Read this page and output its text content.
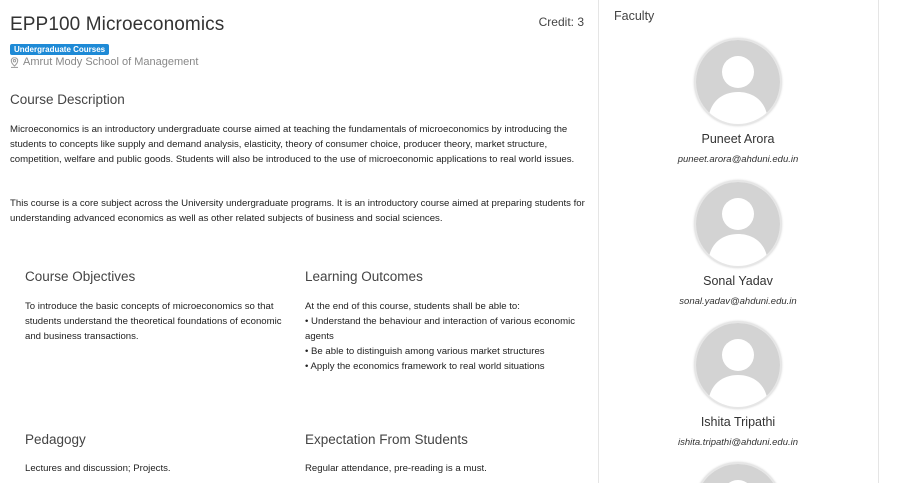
EPP100 Microeconomics	Credit: 3
Undergraduate Courses
Amrut Mody School of Management
Course Description
Microeconomics is an introductory undergraduate course aimed at teaching the fundamentals of microeconomics by introducing the students to concepts like supply and demand analysis, elasticity, theory of consumer choice, producer theory, market structure, competition, welfare and public goods. Students will also be introduced to the use of microeconomic applications to real world issues.
This course is a core subject across the University undergraduate programs. It is an introductory course aimed at preparing students for understanding advanced economics as well as other related subjects of business and social sciences.
Course Objectives
To introduce the basic concepts of microeconomics so that students understand the theoretical foundations of economic and business transactions.
Learning Outcomes
At the end of this course, students shall be able to:
• Understand the behaviour and interaction of various economic agents
• Be able to distinguish among various market structures
• Apply the economics framework to real world situations
Pedagogy
Lectures and discussion; Projects.
Expectation From Students
Regular attendance, pre-reading is a must.
Faculty
Puneet Arora
puneet.arora@ahduni.edu.in
Sonal Yadav
sonal.yadav@ahduni.edu.in
Ishita Tripathi
ishita.tripathi@ahduni.edu.in
